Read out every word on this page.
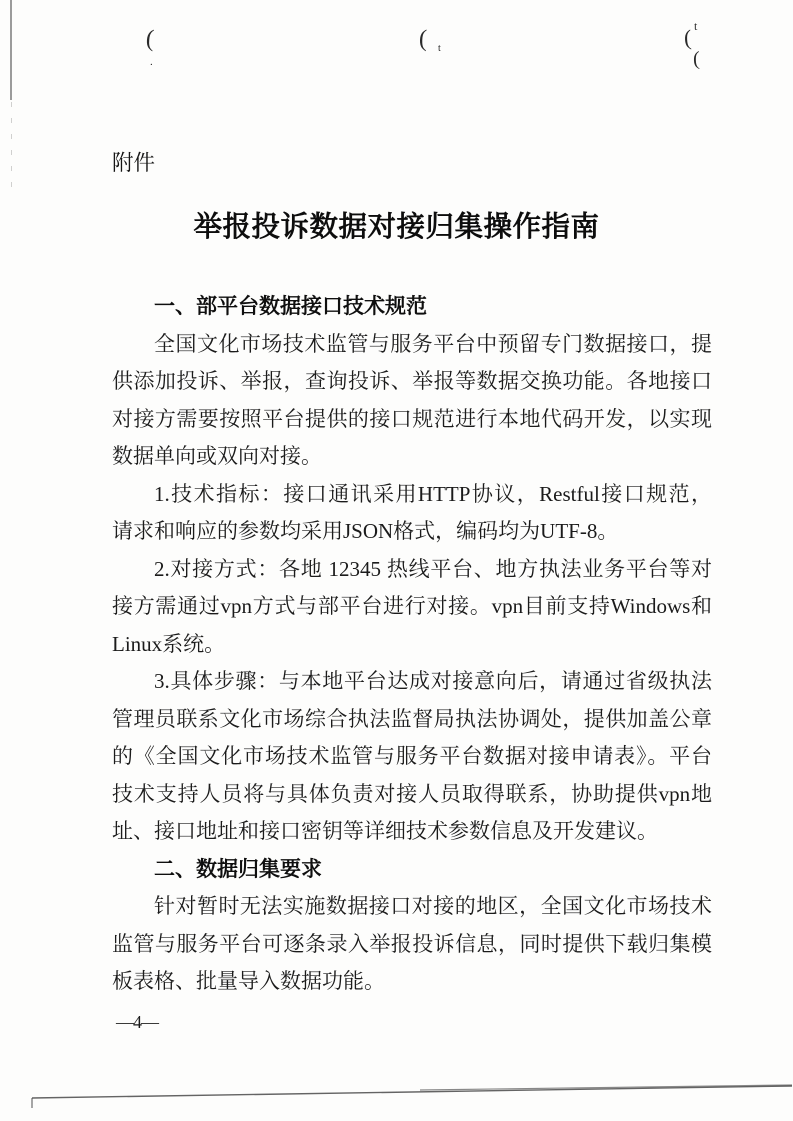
(
.
( t
t
(
(
附件
举报投诉数据对接归集操作指南
一、部平台数据接口技术规范
全国文化市场技术监管与服务平台中预留专门数据接口，提
供添加投诉、举报，查询投诉、举报等数据交换功能。各地接口
对接方需要按照平台提供的接口规范进行本地代码开发，以实现
数据单向或双向对接。
1.技术指标：接口通讯采用HTTP协议，Restful接口规范，
请求和响应的参数均采用JSON格式，编码均为UTF-8。
2.对接方式：各地 12345 热线平台、地方执法业务平台等对
接方需通过vpn方式与部平台进行对接。vpn目前支持Windows和
Linux系统。
3.具体步骤：与本地平台达成对接意向后，请通过省级执法
管理员联系文化市场综合执法监督局执法协调处，提供加盖公章
的《全国文化市场技术监管与服务平台数据对接申请表》。平台
技术支持人员将与具体负责对接人员取得联系，协助提供vpn地
址、接口地址和接口密钥等详细技术参数信息及开发建议。
二、数据归集要求
针对暂时无法实施数据接口对接的地区，全国文化市场技术
监管与服务平台可逐条录入举报投诉信息，同时提供下载归集模
板表格、批量导入数据功能。
—4—
